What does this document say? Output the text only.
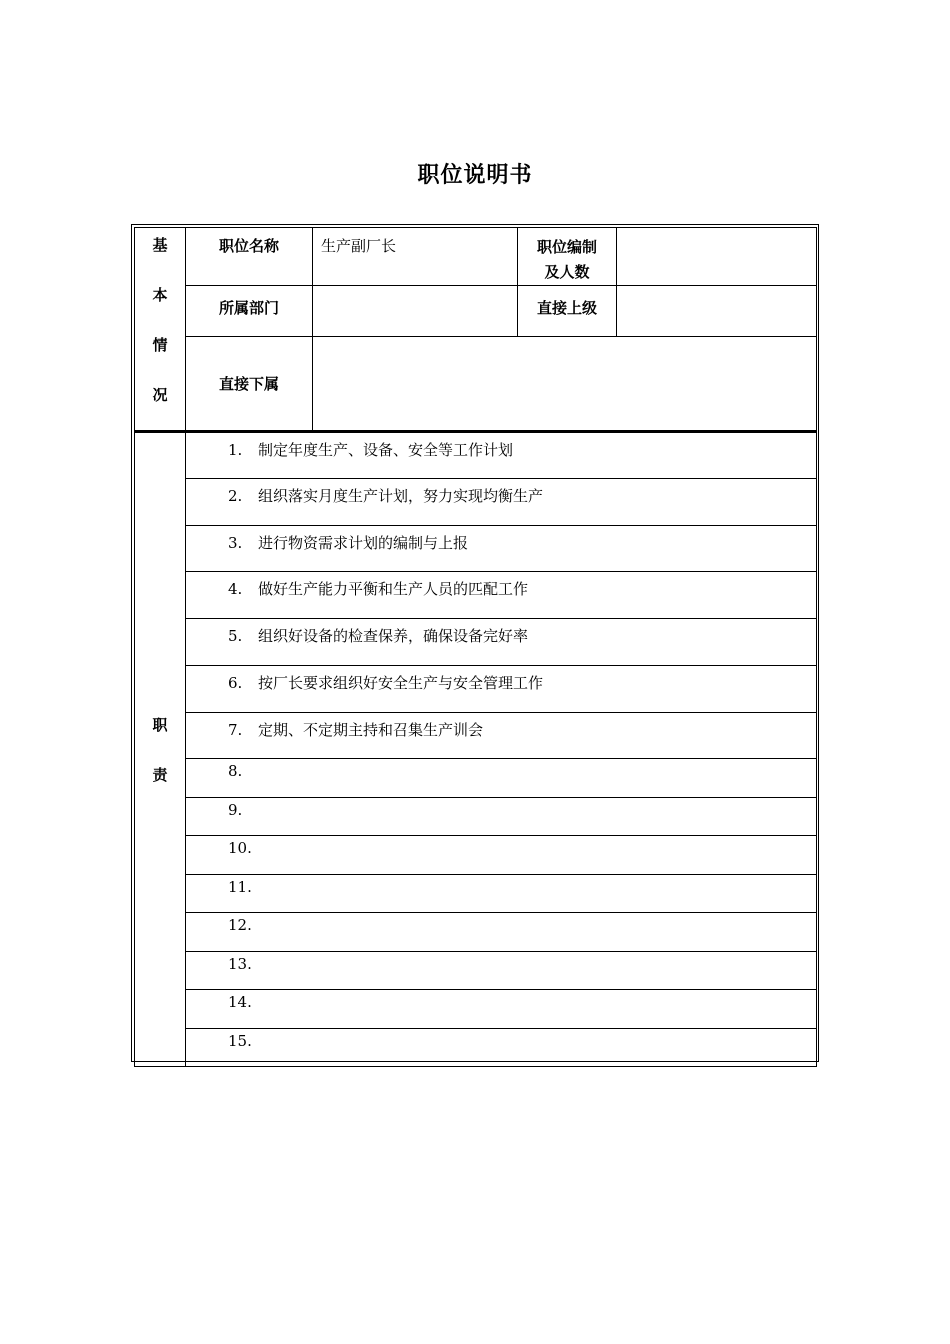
职位说明书
基
本
情
况	职位名称	生产副厂长	职位编制
及人数	
	所属部门		直接上级	
	直接下属			

职
责	1. 制定年度生产、设备、安全等工作计划			
	2. 组织落实月度生产计划，努力实现均衡生产			
	3. 进行物资需求计划的编制与上报			
	4. 做好生产能力平衡和生产人员的匹配工作			
	5. 组织好设备的检查保养，确保设备完好率			
	6. 按厂长要求组织好安全生产与安全管理工作			
	7. 定期、不定期主持和召集生产训会			
	8.			
	9.			
	10.			
	11.			
	12.			
	13.			
	14.			
	15.			
